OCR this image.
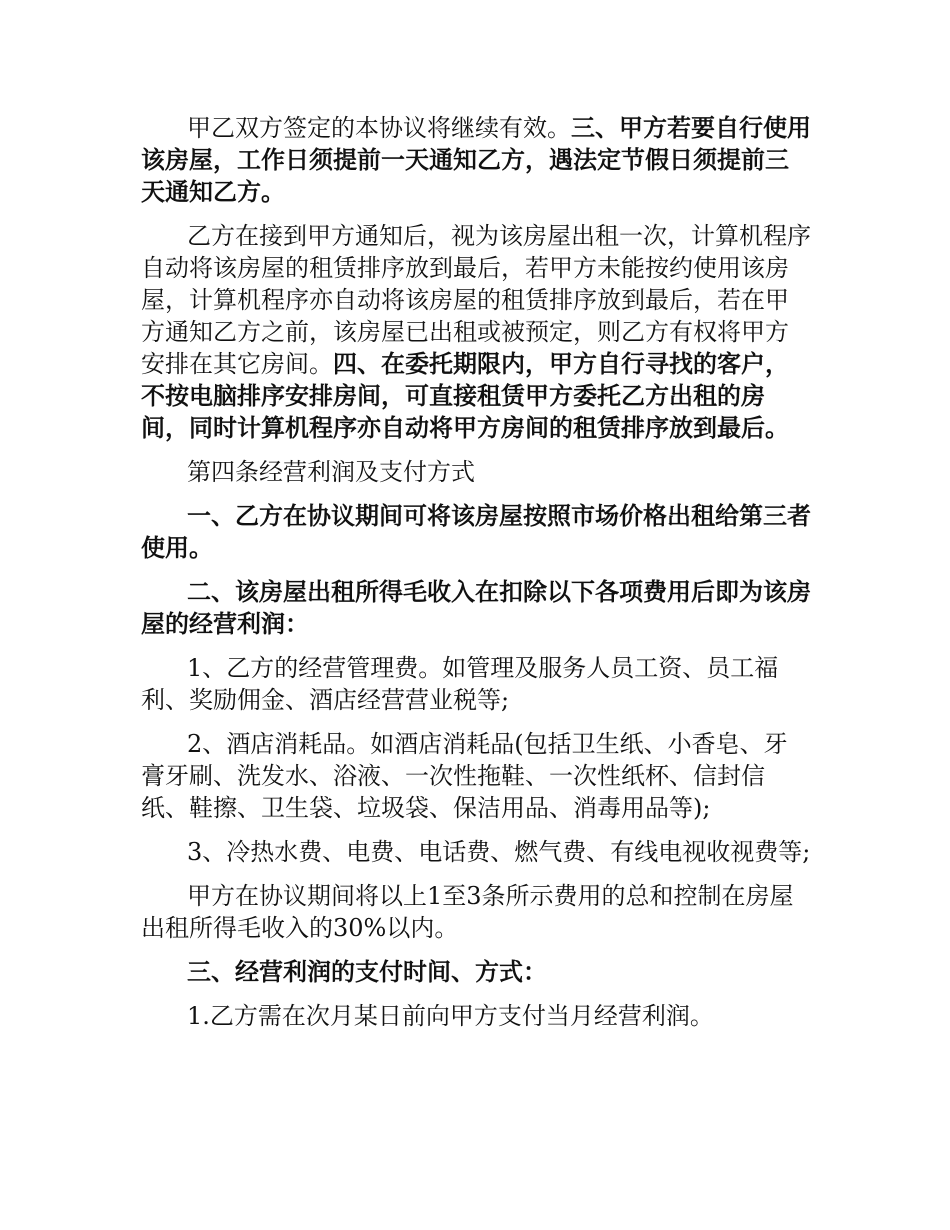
甲乙双方签定的本协议将继续有效。三、甲方若要自行使用该房屋，工作日须提前一天通知乙方，遇法定节假日须提前三天通知乙方。

乙方在接到甲方通知后，视为该房屋出租一次，计算机程序自动将该房屋的租赁排序放到最后，若甲方未能按约使用该房屋，计算机程序亦自动将该房屋的租赁排序放到最后，若在甲方通知乙方之前，该房屋已出租或被预定，则乙方有权将甲方安排在其它房间。四、在委托期限内，甲方自行寻找的客户，不按电脑排序安排房间，可直接租赁甲方委托乙方出租的房间，同时计算机程序亦自动将甲方房间的租赁排序放到最后。

第四条经营利润及支付方式

一、乙方在协议期间可将该房屋按照市场价格出租给第三者使用。

二、该房屋出租所得毛收入在扣除以下各项费用后即为该房屋的经营利润：

1、乙方的经营管理费。如管理及服务人员工资、员工福利、奖励佣金、酒店经营营业税等;

2、酒店消耗品。如酒店消耗品(包括卫生纸、小香皂、牙膏牙刷、洗发水、浴液、一次性拖鞋、一次性纸杯、信封信纸、鞋擦、卫生袋、垃圾袋、保洁用品、消毒用品等);

3、冷热水费、电费、电话费、燃气费、有线电视收视费等;

甲方在协议期间将以上1至3条所示费用的总和控制在房屋出租所得毛收入的30%以内。

三、经营利润的支付时间、方式：

1.乙方需在次月某日前向甲方支付当月经营利润。
